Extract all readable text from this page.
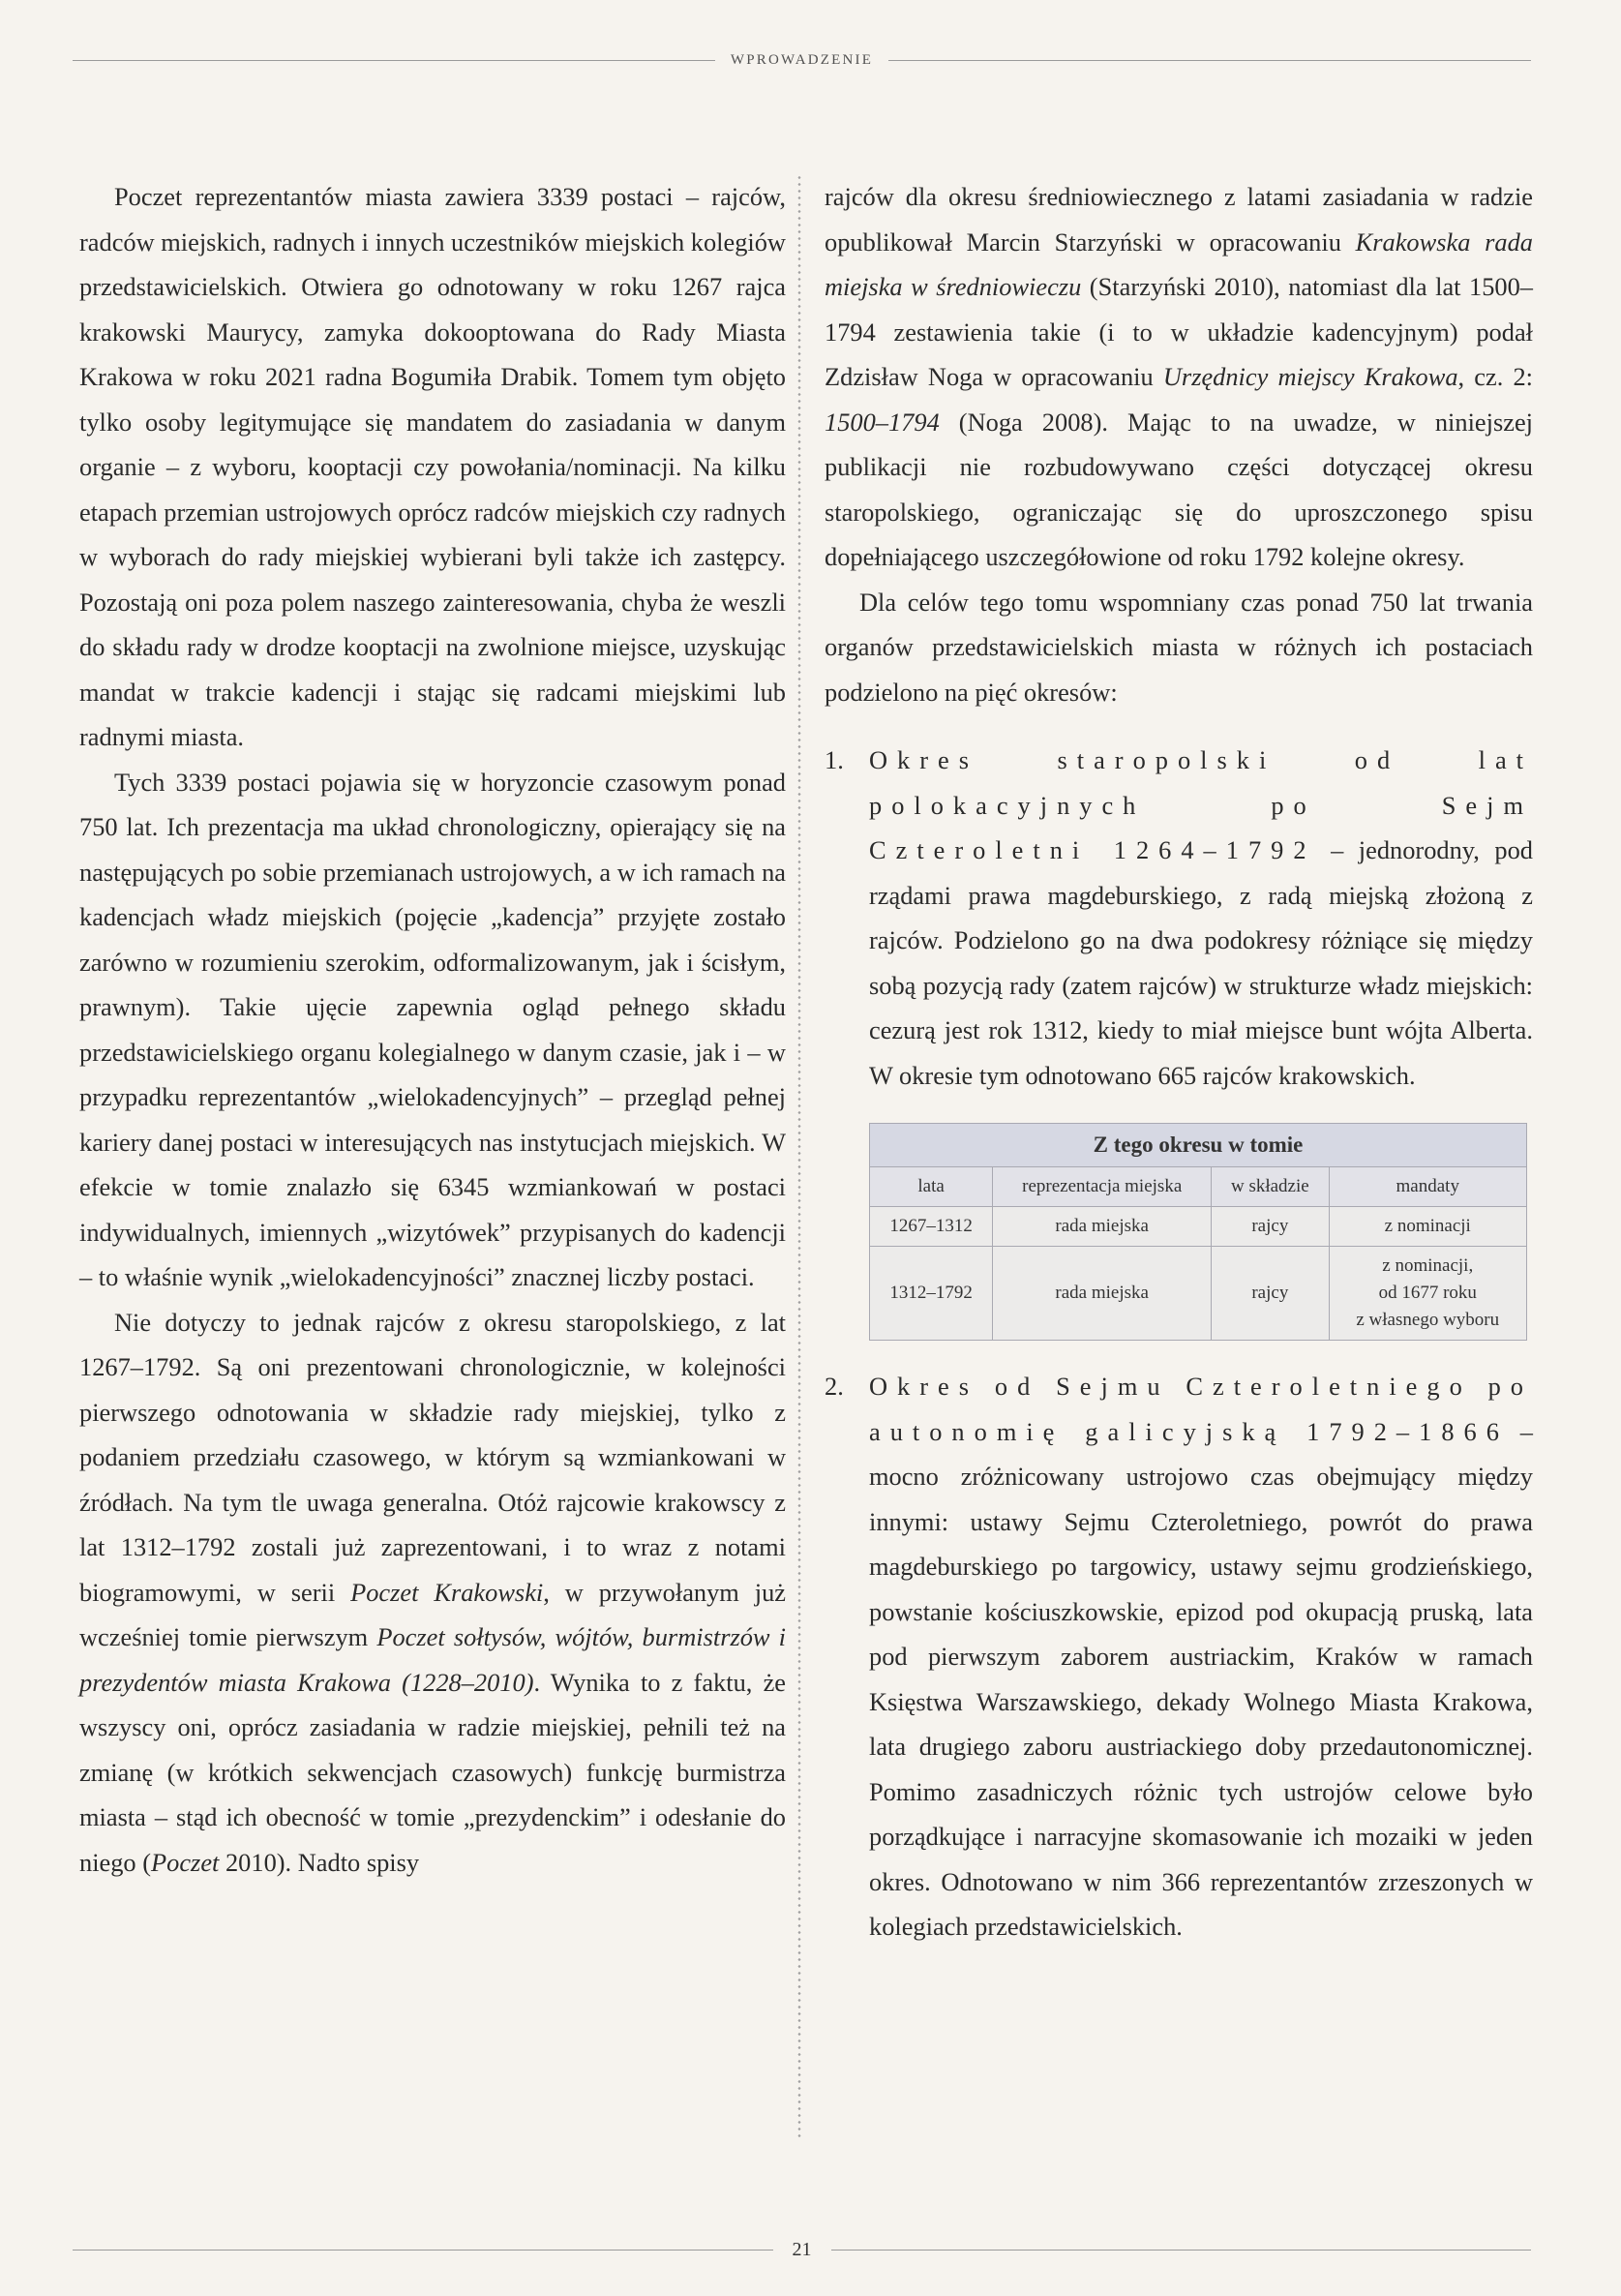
WPROWADZENIE

Poczet reprezentantów miasta zawiera 3339 postaci – rajców, radców miejskich, radnych i innych uczestników miejskich kolegiów przedstawicielskich. Otwiera go odnotowany w roku 1267 rajca krakowski Maurycy, zamyka dokooptowana do Rady Miasta Krakowa w roku 2021 radna Bogumiła Drabik. Tomem tym objęto tylko osoby legitymujące się mandatem do zasiadania w danym organie – z wyboru, kooptacji czy powołania/nominacji. Na kilku etapach przemian ustrojowych oprócz radców miejskich czy radnych w wyborach do rady miejskiej wybierani byli także ich zastępcy. Pozostają oni poza polem naszego zainteresowania, chyba że weszli do składu rady w drodze kooptacji na zwolnione miejsce, uzyskując mandat w trakcie kadencji i stając się radcami miejskimi lub radnymi miasta.

Tych 3339 postaci pojawia się w horyzoncie czasowym ponad 750 lat. Ich prezentacja ma układ chronologiczny, opierający się na następujących po sobie przemianach ustrojowych, a w ich ramach na kadencjach władz miejskich (pojęcie „kadencja” przyjęte zostało zarówno w rozumieniu szerokim, odformalizowanym, jak i ścisłym, prawnym). Takie ujęcie zapewnia ogląd pełnego składu przedstawicielskiego organu kolegialnego w danym czasie, jak i – w przypadku reprezentantów „wielokadencyjnych” – przegląd pełnej kariery danej postaci w interesujących nas instytucjach miejskich. W efekcie w tomie znalazło się 6345 wzmiankowań w postaci indywidualnych, imiennych „wizytówek” przypisanych do kadencji – to właśnie wynik „wielokadencyjności” znacznej liczby postaci.

Nie dotyczy to jednak rajców z okresu staropolskiego, z lat 1267–1792. Są oni prezentowani chronologicznie, w kolejności pierwszego odnotowania w składzie rady miejskiej, tylko z podaniem przedziału czasowego, w którym są wzmiankowani w źródłach. Na tym tle uwaga generalna. Otóż rajcowie krakowscy z lat 1312–1792 zostali już zaprezentowani, i to wraz z notami biogramowymi, w serii Poczet Krakowski, w przywołanym już wcześniej tomie pierwszym Poczet sołtysów, wójtów, burmistrzów i prezydentów miasta Krakowa (1228–2010). Wynika to z faktu, że wszyscy oni, oprócz zasiadania w radzie miejskiej, pełnili też na zmianę (w krótkich sekwencjach czasowych) funkcję burmistrza miasta – stąd ich obecność w tomie „prezydenckim” i odesłanie do niego (Poczet 2010). Nadto spisy

rajców dla okresu średniowiecznego z latami zasiadania w radzie opublikował Marcin Starzyński w opracowaniu Krakowska rada miejska w średniowieczu (Starzyński 2010), natomiast dla lat 1500–1794 zestawienia takie (i to w układzie kadencyjnym) podał Zdzisław Noga w opracowaniu Urzędnicy miejscy Krakowa, cz. 2: 1500–1794 (Noga 2008). Mając to na uwadze, w niniejszej publikacji nie rozbudowywano części dotyczącej okresu staropolskiego, ograniczając się do uproszczonego spisu dopełniającego uszczegółowione od roku 1792 kolejne okresy.

Dla celów tego tomu wspomniany czas ponad 750 lat trwania organów przedstawicielskich miasta w różnych ich postaciach podzielono na pięć okresów:

1. Okres staropolski od lat polokacyjnych po Sejm Czteroletni 1264–1792 – jednorodny, pod rządami prawa magdeburskiego, z radą miejską złożoną z rajców. Podzielono go na dwa podokresy różniące się między sobą pozycją rady (zatem rajców) w strukturze władz miejskich: cezurą jest rok 1312, kiedy to miał miejsce bunt wójta Alberta. W okresie tym odnotowano 665 rajców krakowskich.
Z tego okresu w tomie			
lata	reprezentacja miejska	w składzie	mandaty
1267–1312	rada miejska	rajcy	z nominacji
1312–1792	rada miejska	rajcy	z nominacji,
od 1677 roku
z własnego wyboru
2. Okres od Sejmu Czteroletniego po autonomię galicyjską 1792–1866 – mocno zróżnicowany ustrojowo czas obejmujący między innymi: ustawy Sejmu Czteroletniego, powrót do prawa magdeburskiego po targowicy, ustawy sejmu grodzieńskiego, powstanie kościuszkowskie, epizod pod okupacją pruską, lata pod pierwszym zaborem austriackim, Kraków w ramach Księstwa Warszawskiego, dekady Wolnego Miasta Krakowa, lata drugiego zaboru austriackiego doby przedautonomicznej. Pomimo zasadniczych różnic tych ustrojów celowe było porządkujące i narracyjne skomasowanie ich mozaiki w jeden okres. Odnotowano w nim 366 reprezentantów zrzeszonych w kolegiach przedstawicielskich.
21
